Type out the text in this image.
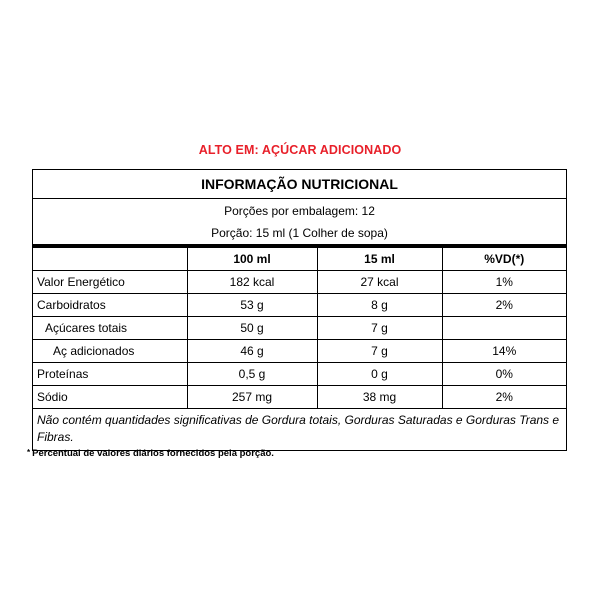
ALTO EM: AÇÚCAR ADICIONADO
INFORMAÇÃO NUTRICIONAL
Porções por embalagem: 12
Porção: 15 ml (1 Colher de sopa)
	100 ml	15 ml	%VD(*)
Valor Energético	182 kcal	27 kcal	1%
Carboidratos	53 g	8 g	2%
Açúcares totais	50 g	7 g	
Aç adicionados	46 g	7 g	14%
Proteínas	0,5 g	0 g	0%
Sódio	257 mg	38 mg	2%
Não contém quantidades significativas de Gordura totais, Gorduras Saturadas e Gorduras Trans e Fibras.
* Percentual de valores diários fornecidos pela porção.
